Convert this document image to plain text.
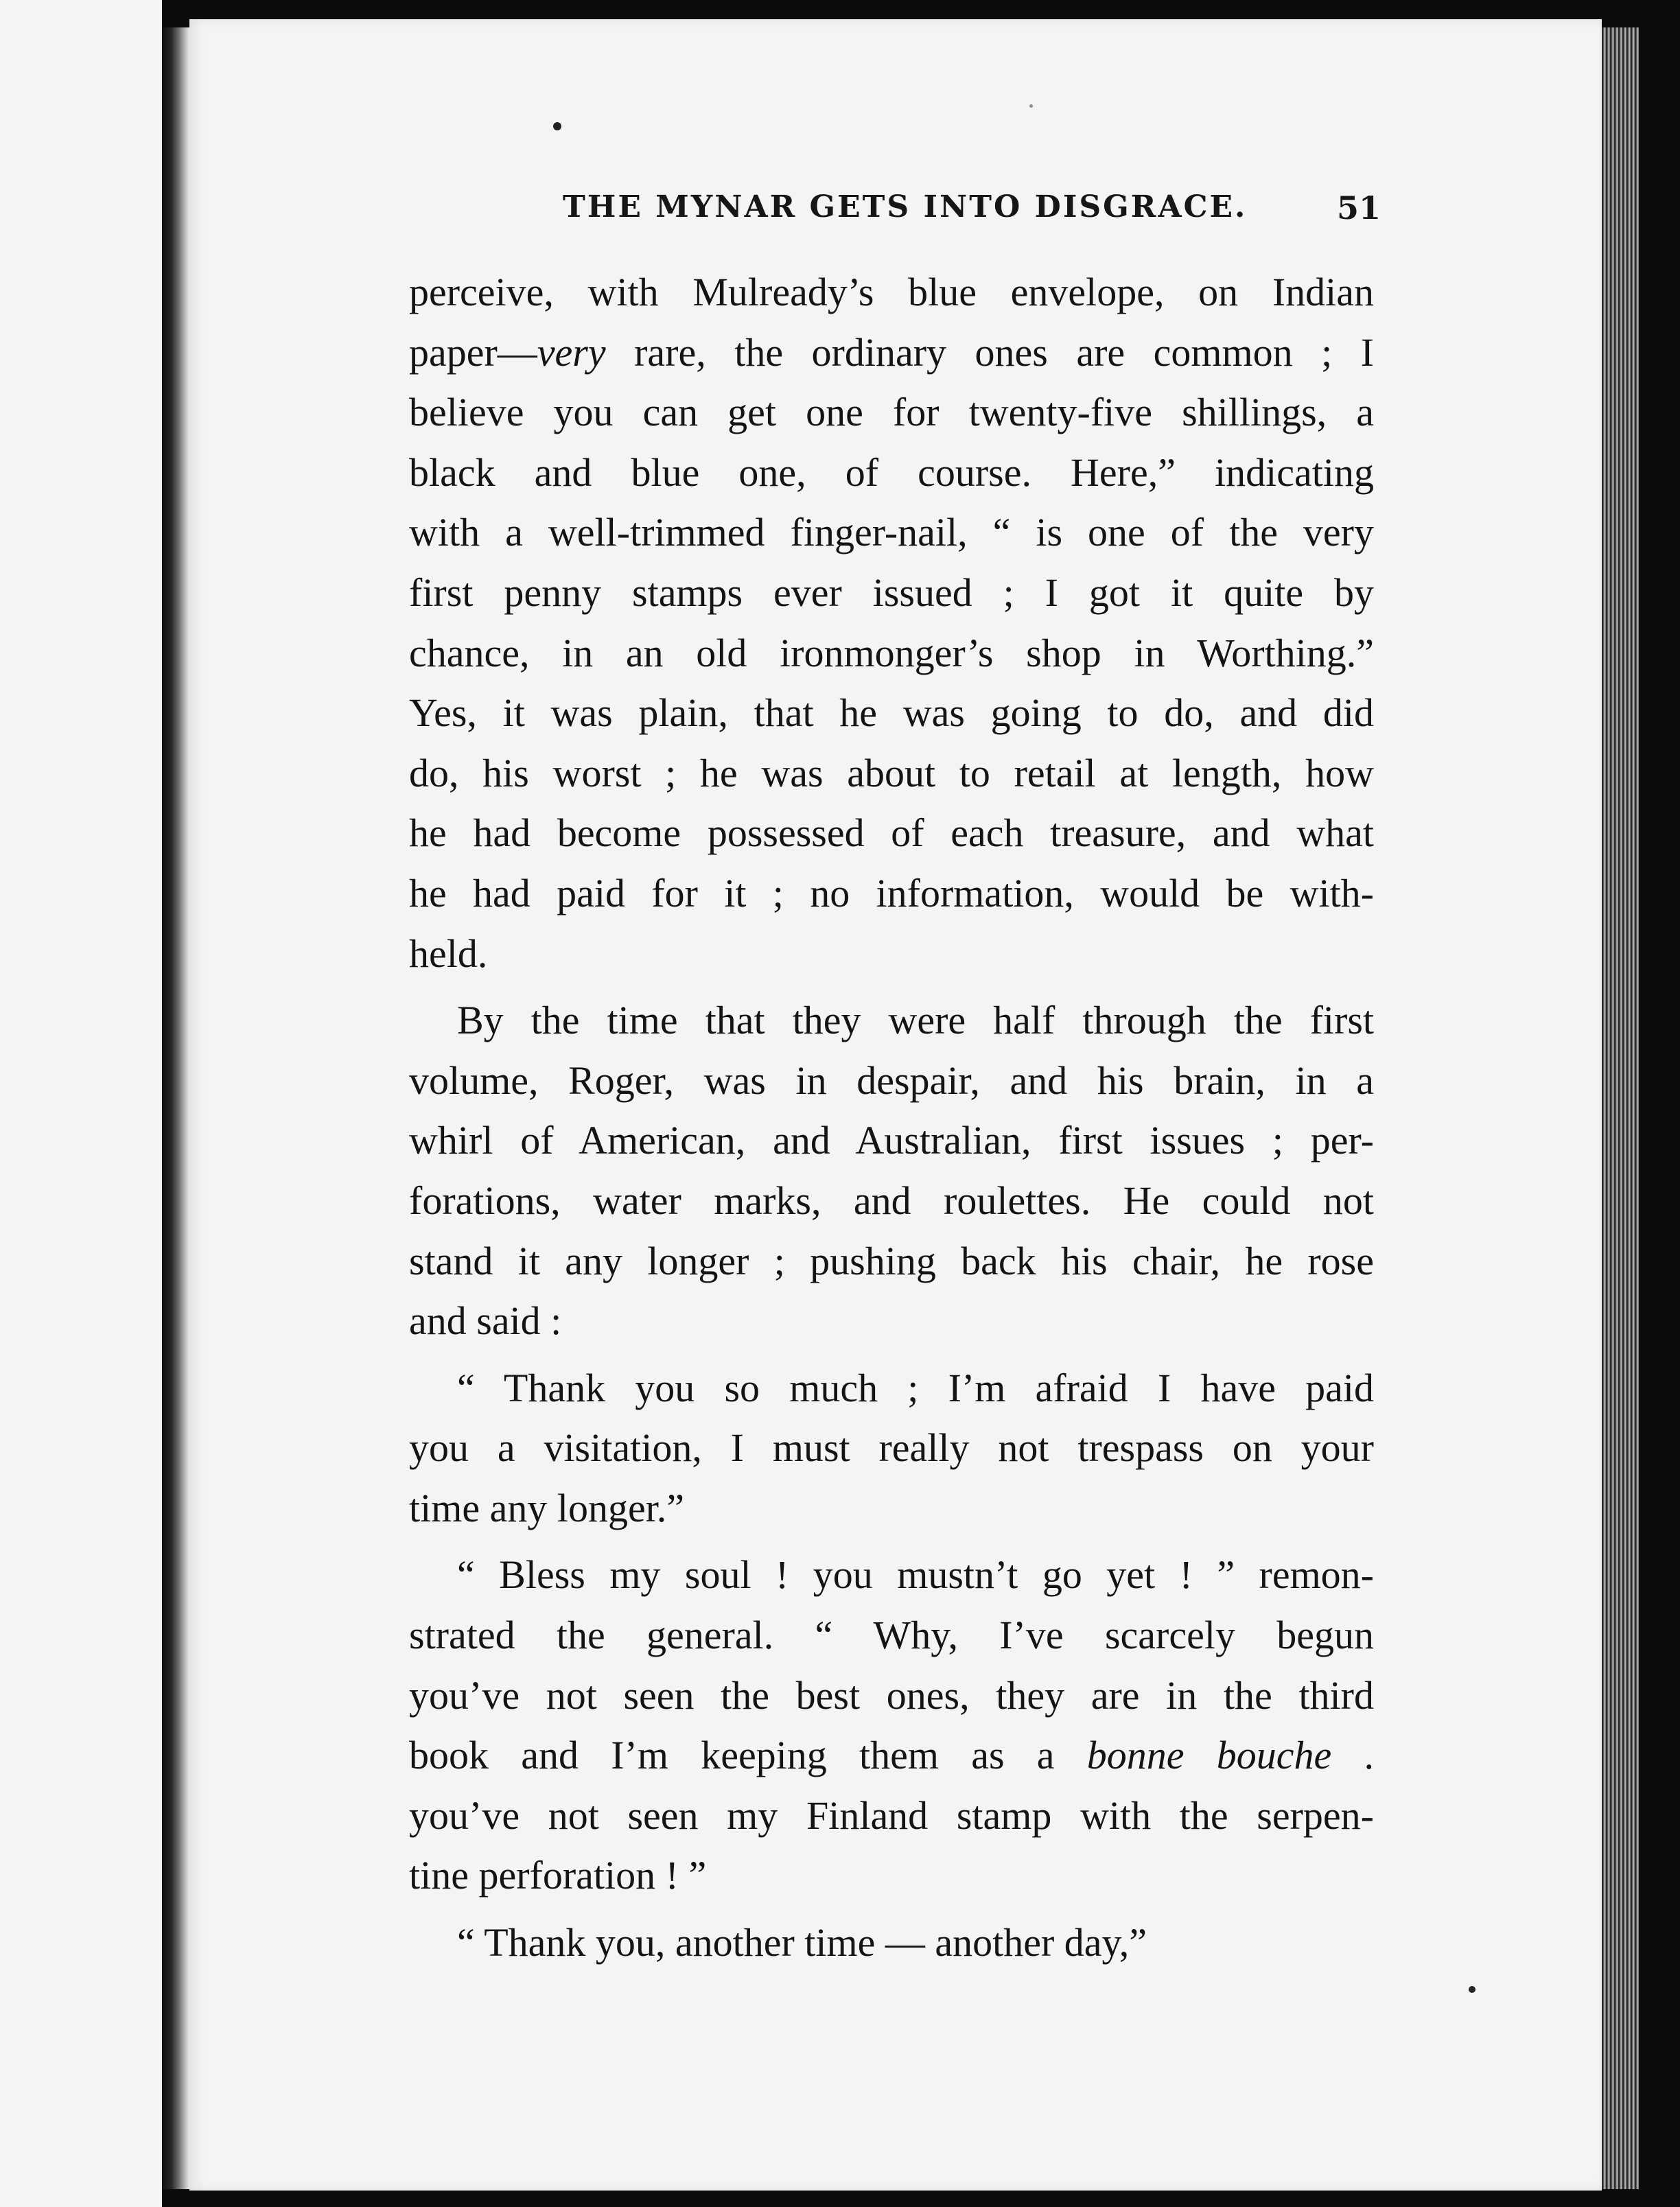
THE MYNAR GETS INTO DISGRACE.	51
perceive, with Mulready’s blue envelope, on Indian
paper—very rare, the ordinary ones are common ; I
believe you can get one for twenty-five shillings, a
black and blue one, of course. Here,” indicating
with a well-trimmed finger-nail, “ is one of the very
first penny stamps ever issued ; I got it quite by
chance, in an old ironmonger’s shop in Worthing.”
Yes, it was plain, that he was going to do, and did
do, his worst ; he was about to retail at length, how
he had become possessed of each treasure, and what
he had paid for it ; no information, would be with-
held.
By the time that they were half through the first
volume, Roger, was in despair, and his brain, in a
whirl of American, and Australian, first issues ; per-
forations, water marks, and roulettes. He could not
stand it any longer ; pushing back his chair, he rose
and said :
“ Thank you so much ; I’m afraid I have paid
you a visitation, I must really not trespass on your
time any longer.”
“ Bless my soul ! you mustn’t go yet ! ” remon-
strated the general. “ Why, I’ve scarcely begun
you’ve not seen the best ones, they are in the third
book and I’m keeping them as a bonne bouche .
you’ve not seen my Finland stamp with the serpen-
tine perforation ! ”
“ Thank you, another time — another day,”
